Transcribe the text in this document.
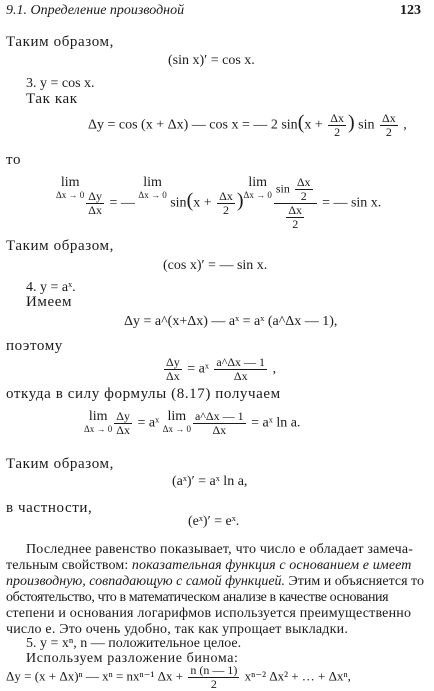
9.1. Определение производной	123
Таким образом,
(sin x)′ = cos x.
3. y = cos x.
Так как
Δy = cos (x + Δx) — cos x = — 2 $\sin(x + \frac{\Delta x}{2}$ ) $\sin \frac{\Delta x}{2}$ ,
то
lim
$\Delta x \to 0 \frac{\Delta y}{\Delta x}$ = —
lim
Δx → 0
$\sin(x + \frac{\Delta x}{2}$ )
lim
$\Delta x \to 0 \frac{\sin \frac{\Delta x}{2}}{\frac{\Delta x}{2}}$ = — sin x.
Таким образом,
(cos x)′ = — sin x.
4. y = aˣ.
Имеем
Δy = a^(x+Δx) — aˣ = aˣ (a^Δx — 1),
поэтому
$\frac{\Delta y}{\Delta x}$ = aˣ $\frac{a\^{}\Delta x — 1}{\Delta x}$ ,
откуда в силу формулы (8.17) получаем
lim
$\Delta x \to 0 \frac{\Delta y}{\Delta x}$ = aˣ lim
$\Delta x \to 0 \frac{a\^{}\Delta x — 1}{\Delta x}$ = aˣ ln a.
Таким образом,
(aˣ)′ = aˣ ln a,
в частности,
(eˣ)′ = eˣ.
Последнее равенство показывает, что число e обладает замеча-
тельным свойством: показательная функция с основанием e имеет
производную, совпадающую с самой функцией. Этим и объясняется то
обстоятельство, что в математическом анализе в качестве основания
степени и основания логарифмов используется преимущественно
число e. Это очень удобно, так как упрощает выкладки.
5. y = xⁿ, n — положительное целое.
Используем разложение бинома:
Δy = (x + Δx)ⁿ — xⁿ = nxⁿ⁻¹ $\Delta x + \frac{n (n — 1)}{2} x^{n-2}$ Δx² + … + Δxⁿ,
